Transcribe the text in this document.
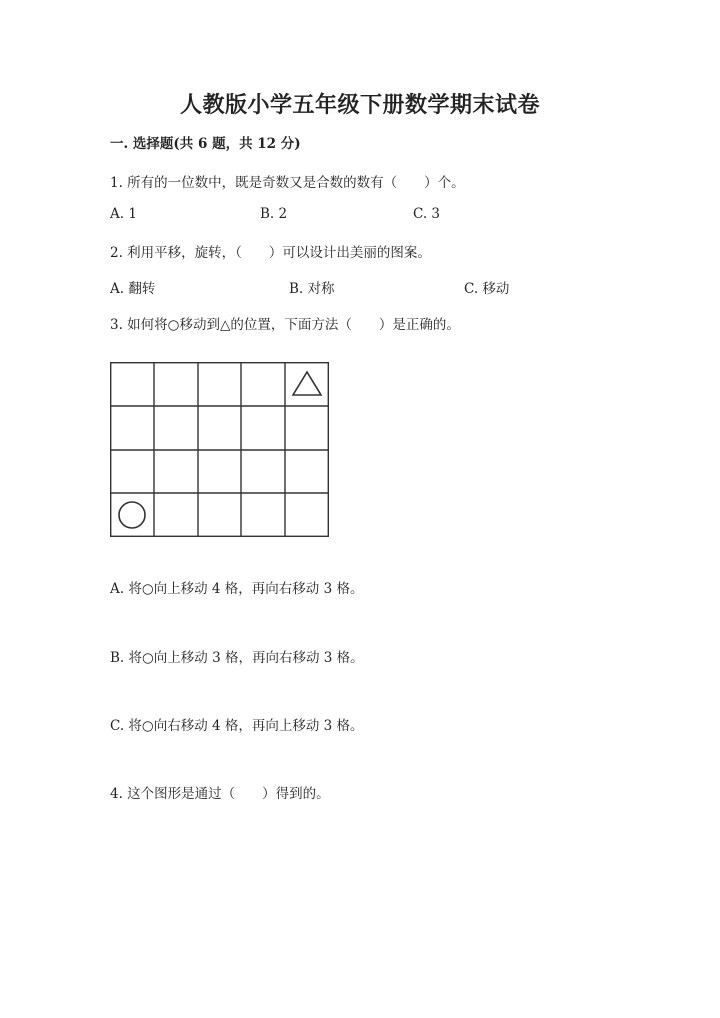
人教版小学五年级下册数学期末试卷
一. 选择题(共 6 题，共 12 分)
1. 所有的一位数中，既是奇数又是合数的数有（　　）个。
A. 1	B. 2	C. 3
2. 利用平移，旋转，（　　）可以设计出美丽的图案。
A. 翻转	B. 对称	C. 移动
3. 如何将○移动到△的位置，下面方法（　　）是正确的。
A. 将○向上移动 4 格，再向右移动 3 格。
B. 将○向上移动 3 格，再向右移动 3 格。
C. 将○向右移动 4 格，再向上移动 3 格。
4. 这个图形是通过（　　）得到的。
